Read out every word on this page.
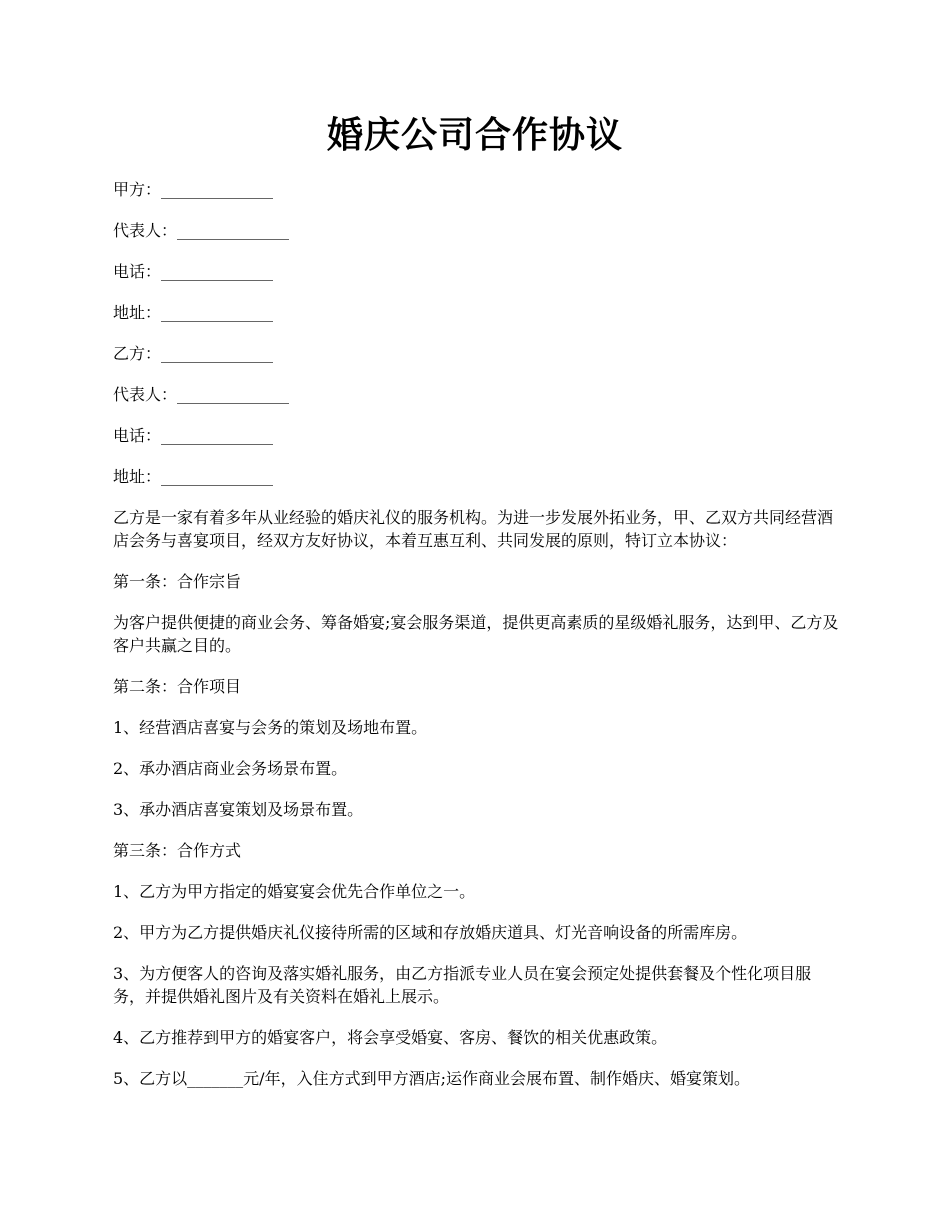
婚庆公司合作协议
甲方：______________
代表人：______________
电话：______________
地址：______________
乙方：______________
代表人：______________
电话：______________
地址：______________
乙方是一家有着多年从业经验的婚庆礼仪的服务机构。为进一步发展外拓业务，甲、乙双方共同经营酒店会务与喜宴项目，经双方友好协议，本着互惠互利、共同发展的原则，特订立本协议：
第一条：合作宗旨
为客户提供便捷的商业会务、筹备婚宴;宴会服务渠道，提供更高素质的星级婚礼服务，达到甲、乙方及客户共赢之目的。
第二条：合作项目
1、经营酒店喜宴与会务的策划及场地布置。
2、承办酒店商业会务场景布置。
3、承办酒店喜宴策划及场景布置。
第三条：合作方式
1、乙方为甲方指定的婚宴宴会优先合作单位之一。
2、甲方为乙方提供婚庆礼仪接待所需的区域和存放婚庆道具、灯光音响设备的所需库房。
3、为方便客人的咨询及落实婚礼服务，由乙方指派专业人员在宴会预定处提供套餐及个性化项目服务，并提供婚礼图片及有关资料在婚礼上展示。
4、乙方推荐到甲方的婚宴客户，将会享受婚宴、客房、餐饮的相关优惠政策。
5、乙方以_______元/年，入住方式到甲方酒店;运作商业会展布置、制作婚庆、婚宴策划。
